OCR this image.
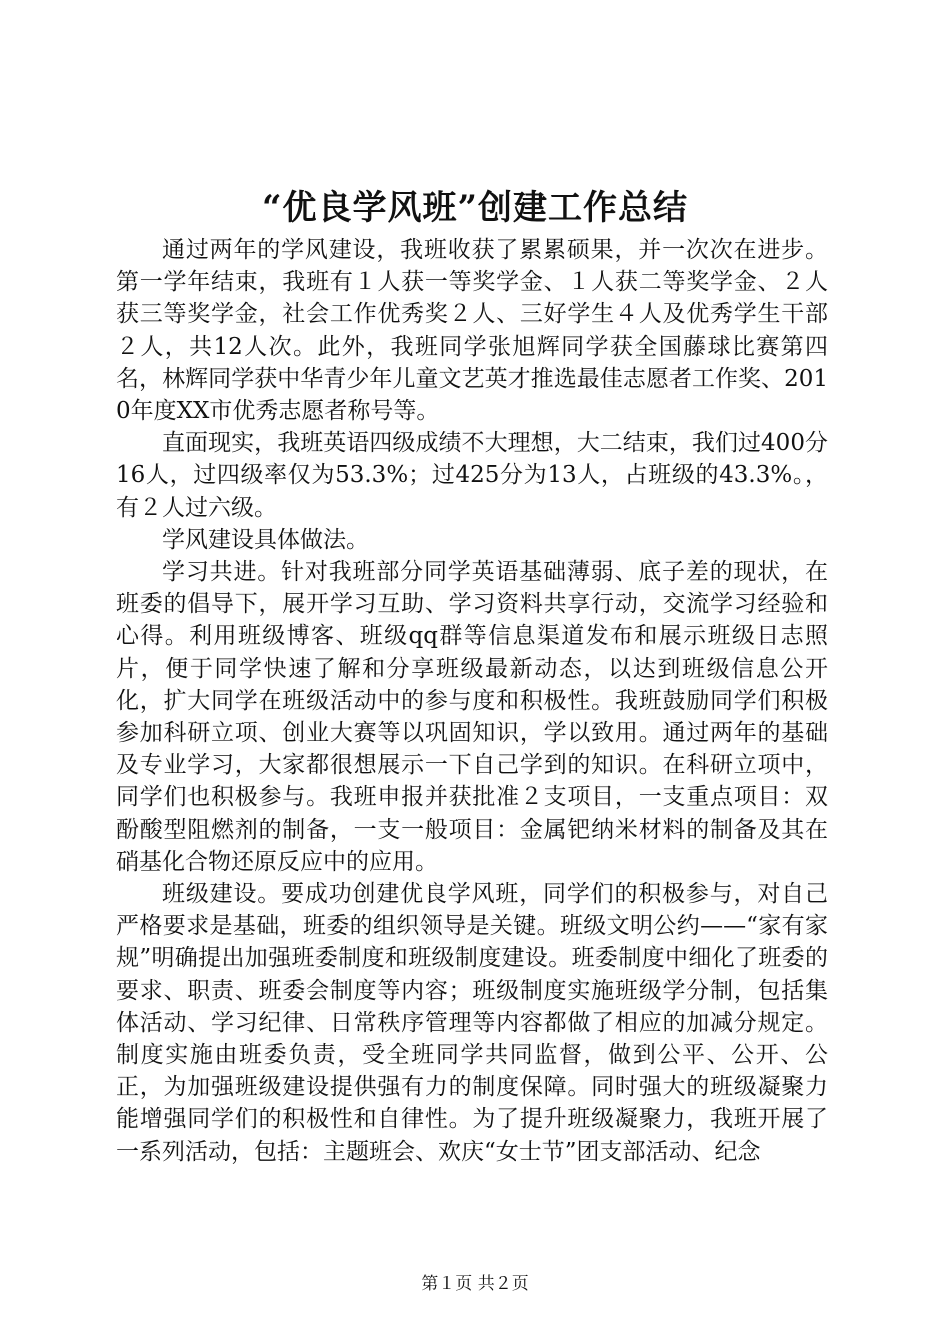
“优良学风班”创建工作总结

通过两年的学风建设，我班收获了累累硕果，并一次次在进步。第一学年结束，我班有１人获一等奖学金、１人获二等奖学金、２人获三等奖学金，社会工作优秀奖２人、三好学生４人及优秀学生干部２人，共12人次。此外，我班同学张旭辉同学获全国藤球比赛第四名，林辉同学获中华青少年儿童文艺英才推选最佳志愿者工作奖、2010年度XX市优秀志愿者称号等。

直面现实，我班英语四级成绩不大理想，大二结束，我们过400分16人，过四级率仅为53.3%；过425分为13人，占班级的43.3%。，有２人过六级。

学风建设具体做法。

学习共进。针对我班部分同学英语基础薄弱、底子差的现状，在班委的倡导下，展开学习互助、学习资料共享行动，交流学习经验和心得。利用班级博客、班级qq群等信息渠道发布和展示班级日志照片，便于同学快速了解和分享班级最新动态，以达到班级信息公开化，扩大同学在班级活动中的参与度和积极性。我班鼓励同学们积极参加科研立项、创业大赛等以巩固知识，学以致用。通过两年的基础及专业学习，大家都很想展示一下自己学到的知识。在科研立项中，同学们也积极参与。我班申报并获批准２支项目，一支重点项目：双酚酸型阻燃剂的制备，一支一般项目：金属钯纳米材料的制备及其在硝基化合物还原反应中的应用。

班级建设。要成功创建优良学风班，同学们的积极参与，对自己严格要求是基础，班委的组织领导是关键。班级文明公约——“家有家规”明确提出加强班委制度和班级制度建设。班委制度中细化了班委的要求、职责、班委会制度等内容；班级制度实施班级学分制，包括集体活动、学习纪律、日常秩序管理等内容都做了相应的加减分规定。制度实施由班委负责，受全班同学共同监督，做到公平、公开、公正，为加强班级建设提供强有力的制度保障。同时强大的班级凝聚力能增强同学们的积极性和自律性。为了提升班级凝聚力，我班开展了一系列活动，包括：主题班会、欢庆“女士节”团支部活动、纪念

第１页 共２页
